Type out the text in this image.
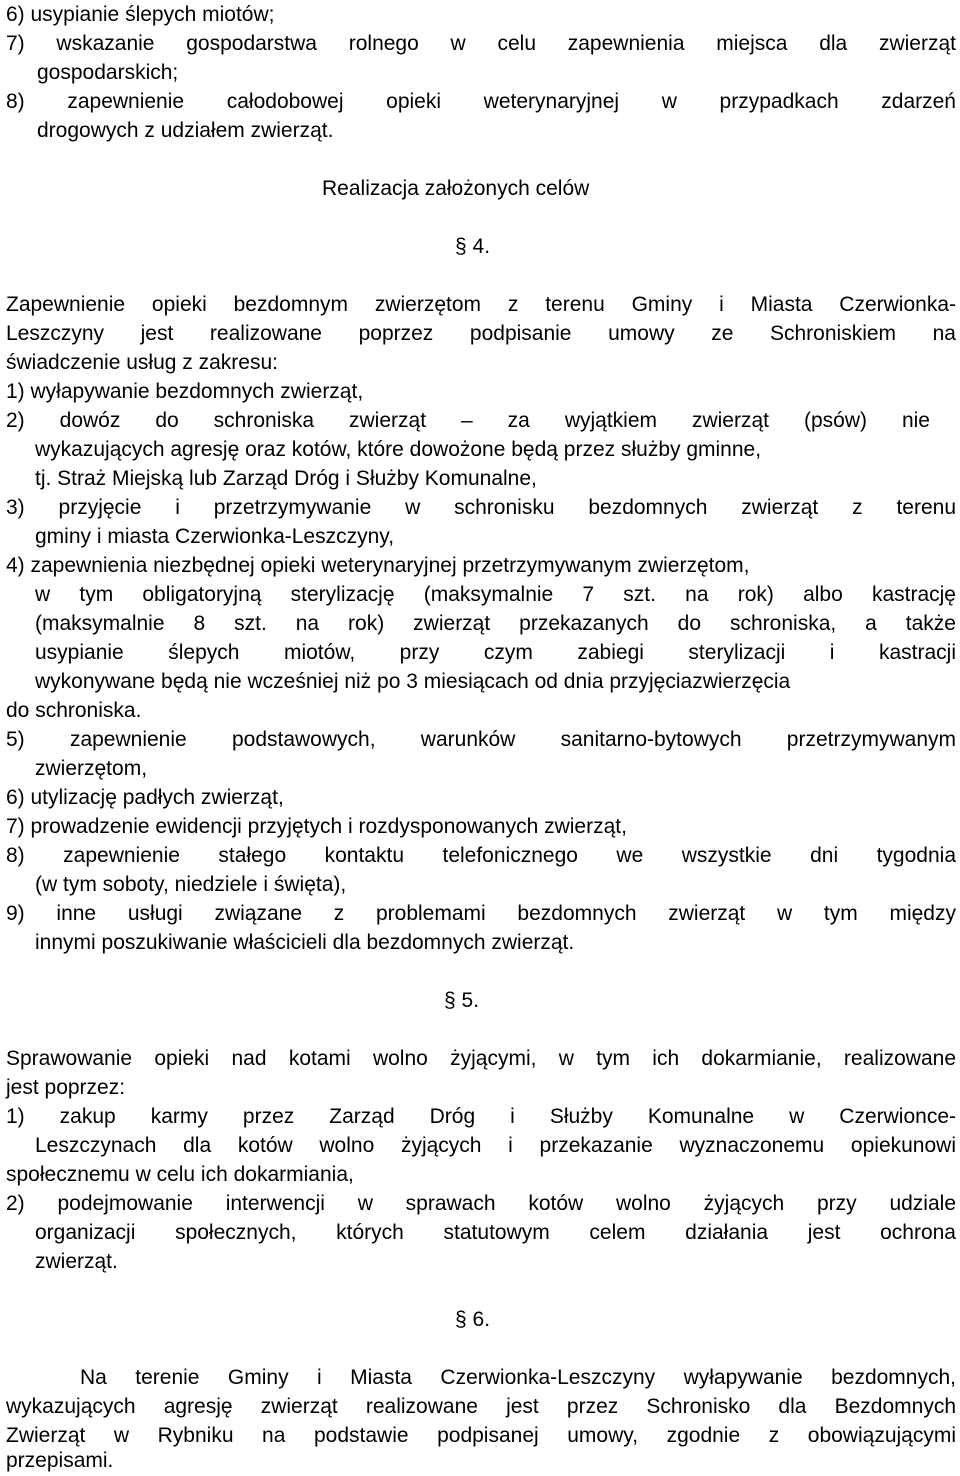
6) usypianie ślepych miotów;
7) wskazanie gospodarstwa rolnego w celu zapewnienia miejsca dla zwierząt
gospodarskich;
8) zapewnienie całodobowej opieki weterynaryjnej w przypadkach zdarzeń
drogowych z udziałem zwierząt.
Realizacja założonych celów
§ 4.
Zapewnienie opieki bezdomnym zwierzętom z terenu Gminy i Miasta Czerwionka-
Leszczyny jest realizowane poprzez podpisanie umowy ze Schroniskiem na
świadczenie usług z zakresu:
1) wyłapywanie bezdomnych zwierząt,
2) dowóz do schroniska zwierząt – za wyjątkiem zwierząt (psów) nie
wykazujących agresję oraz kotów, które dowożone będą przez służby gminne,
tj. Straż Miejską lub Zarząd Dróg i Służby Komunalne,
3) przyjęcie i przetrzymywanie w schronisku bezdomnych zwierząt z terenu
gminy i miasta Czerwionka-Leszczyny,
4) zapewnienia niezbędnej opieki weterynaryjnej przetrzymywanym zwierzętom,
w tym obligatoryjną sterylizację (maksymalnie 7 szt. na rok) albo kastrację
(maksymalnie 8 szt. na rok) zwierząt przekazanych do schroniska, a także
usypianie ślepych miotów, przy czym zabiegi sterylizacji i kastracji
wykonywane będą nie wcześniej niż po 3 miesiącach od dnia przyjęciazwierzęcia
do schroniska.
5) zapewnienie podstawowych, warunków sanitarno-bytowych przetrzymywanym
zwierzętom,
6) utylizację padłych zwierząt,
7) prowadzenie ewidencji przyjętych i rozdysponowanych zwierząt,
8) zapewnienie stałego kontaktu telefonicznego we wszystkie dni tygodnia
(w tym soboty, niedziele i święta),
9) inne usługi związane z problemami bezdomnych zwierząt w tym między
innymi poszukiwanie właścicieli dla bezdomnych zwierząt.
§ 5.
Sprawowanie opieki nad kotami wolno żyjącymi, w tym ich dokarmianie, realizowane
jest poprzez:
1) zakup karmy przez Zarząd Dróg i Służby Komunalne w Czerwionce-
Leszczynach dla kotów wolno żyjących i przekazanie wyznaczonemu opiekunowi
społecznemu w celu ich dokarmiania,
2) podejmowanie interwencji w sprawach kotów wolno żyjących przy udziale
organizacji społecznych, których statutowym celem działania jest ochrona
zwierząt.
§ 6.
Na terenie Gminy i Miasta Czerwionka-Leszczyny wyłapywanie bezdomnych,
wykazujących agresję zwierząt realizowane jest przez Schronisko dla Bezdomnych
Zwierząt w Rybniku na podstawie podpisanej umowy, zgodnie z obowiązującymi
przepisami.
